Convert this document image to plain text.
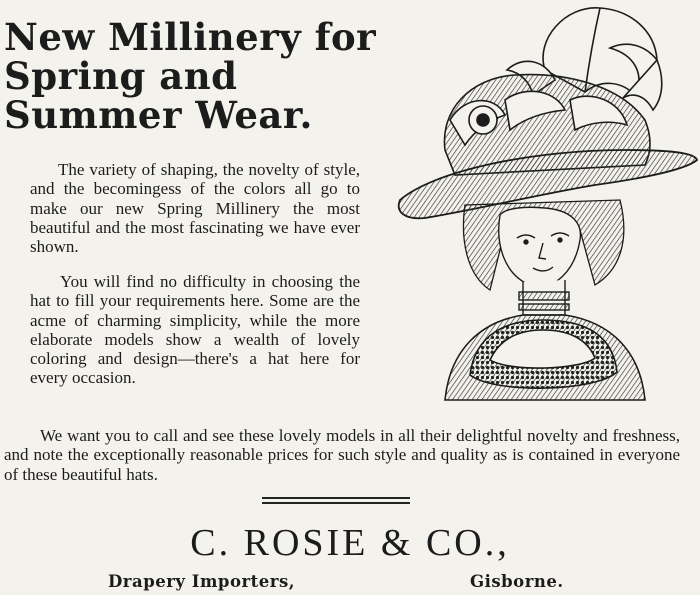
New Millinery for
Spring and
Summer Wear.

The variety of shaping, the novelty of style, and the becomingess of the colors all go to make our new Spring Millinery the most beautiful and the most fascinating we have ever shown.

You will find no difficulty in choosing the hat to fill your requirements here. Some are the acme of charming simplicity, while the more elaborate models show a wealth of lovely coloring and design—there's a hat here for every occasion.

We want you to call and see these lovely models in all their delightful novelty and freshness, and note the exceptionally reasonable prices for such style and quality as is contained in everyone of these beautiful hats.

C. ROSIE & CO.,
Drapery Importers,	Gisborne.
